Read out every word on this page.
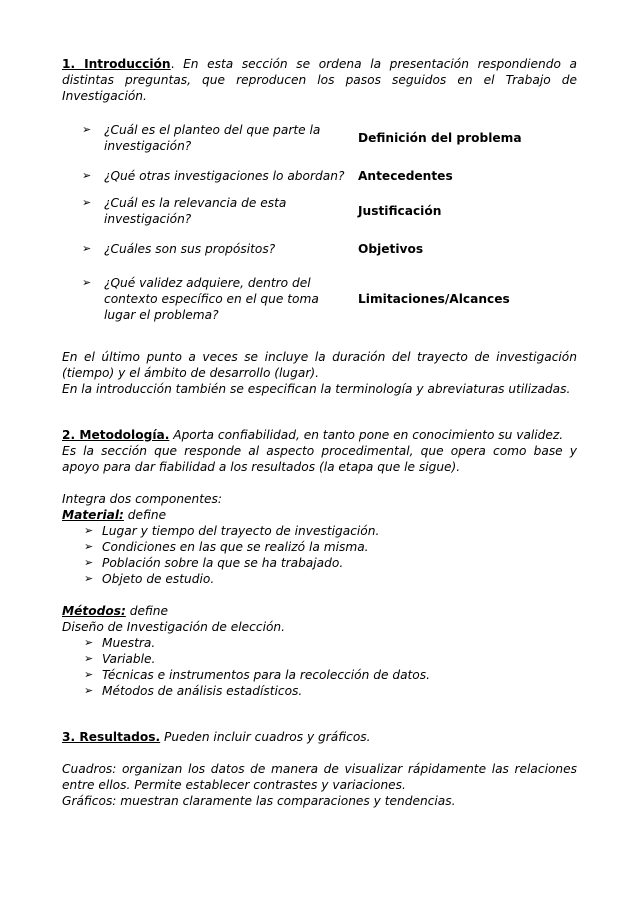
1. Introducción. En esta sección se ordena la presentación respondiendo a distintas preguntas, que reproducen los pasos seguidos en el Trabajo de Investigación.

➢ ¿Cuál es el planteo del que parte la investigación?	Definición del problema

➢ ¿Qué otras investigaciones lo abordan?	Antecedentes

➢ ¿Cuál es la relevancia de esta investigación?	Justificación

➢ ¿Cuáles son sus propósitos?	Objetivos

➢ ¿Qué validez adquiere, dentro del contexto específico en el que toma lugar el problema?	Limitaciones/Alcances

En el último punto a veces se incluye la duración del trayecto de investigación (tiempo) y el ámbito de desarrollo (lugar).

En la introducción también se especifican la terminología y abreviaturas utilizadas.

2. Metodología. Aporta confiabilidad, en tanto pone en conocimiento su validez.

Es la sección que responde al aspecto procedimental, que opera como base y apoyo para dar fiabilidad a los resultados (la etapa que le sigue).

Integra dos componentes:

Material: define

➢ Lugar y tiempo del trayecto de investigación.
➢ Condiciones en las que se realizó la misma.
➢ Población sobre la que se ha trabajado.
➢ Objeto de estudio.

Métodos: define

Diseño de Investigación de elección.

➢ Muestra.
➢ Variable.
➢ Técnicas e instrumentos para la recolección de datos.
➢ Métodos de análisis estadísticos.

3. Resultados. Pueden incluir cuadros y gráficos.

Cuadros: organizan los datos de manera de visualizar rápidamente las relaciones entre ellos. Permite establecer contrastes y variaciones.

Gráficos: muestran claramente las comparaciones y tendencias.
